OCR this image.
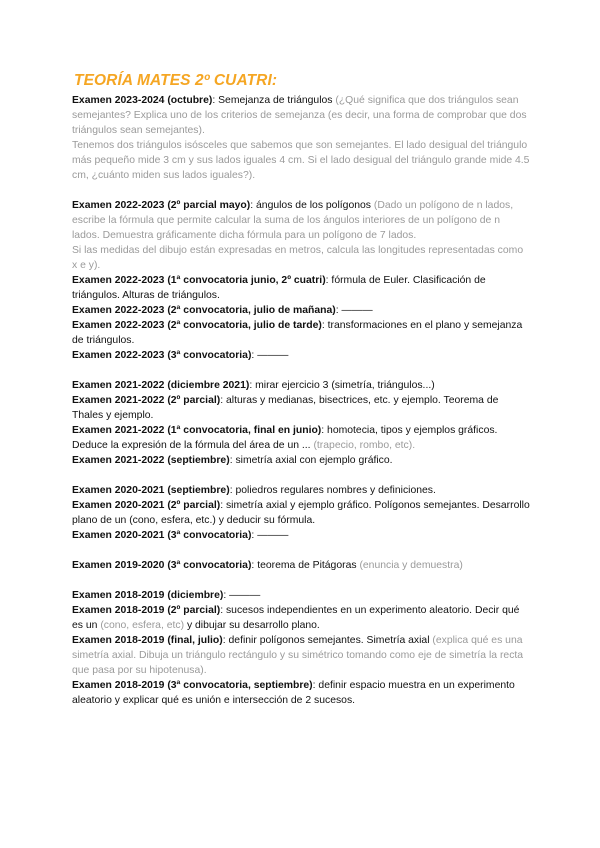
TEORÍA MATES 2º CUATRI:

Examen 2023-2024 (octubre): Semejanza de triángulos (¿Qué significa que dos triángulos sean semejantes? Explica uno de los criterios de semejanza (es decir, una forma de comprobar que dos triángulos sean semejantes).
Tenemos dos triángulos isósceles que sabemos que son semejantes. El lado desigual del triángulo más pequeño mide 3 cm y sus lados iguales 4 cm. Si el lado desigual del triángulo grande mide 4.5 cm, ¿cuánto miden sus lados iguales?).

Examen 2022-2023 (2º parcial mayo): ángulos de los polígonos (Dado un polígono de n lados, escribe la fórmula que permite calcular la suma de los ángulos interiores de un polígono de n lados. Demuestra gráficamente dicha fórmula para un polígono de 7 lados.
Si las medidas del dibujo están expresadas en metros, calcula las longitudes representadas como x e y).

Examen 2022-2023 (1ª convocatoria junio, 2º cuatri): fórmula de Euler. Clasificación de triángulos. Alturas de triángulos.

Examen 2022-2023 (2ª convocatoria, julio de mañana): ———

Examen 2022-2023 (2ª convocatoria, julio de tarde): transformaciones en el plano y semejanza de triángulos.

Examen 2022-2023 (3ª convocatoria): ———

Examen 2021-2022 (diciembre 2021): mirar ejercicio 3 (simetría, triángulos...)

Examen 2021-2022 (2º parcial): alturas y medianas, bisectrices, etc. y ejemplo. Teorema de Thales y ejemplo.

Examen 2021-2022 (1ª convocatoria, final en junio): homotecia, tipos y ejemplos gráficos. Deduce la expresión de la fórmula del área de un ... (trapecio, rombo, etc).

Examen 2021-2022 (septiembre): simetría axial con ejemplo gráfico.

Examen 2020-2021 (septiembre): poliedros regulares nombres y definiciones.

Examen 2020-2021 (2º parcial): simetría axial y ejemplo gráfico. Polígonos semejantes. Desarrollo plano de un (cono, esfera, etc.) y deducir su fórmula.

Examen 2020-2021 (3ª convocatoria): ———

Examen 2019-2020 (3ª convocatoria): teorema de Pitágoras (enuncia y demuestra)

Examen 2018-2019 (diciembre): ———

Examen 2018-2019 (2º parcial): sucesos independientes en un experimento aleatorio. Decir qué es un (cono, esfera, etc) y dibujar su desarrollo plano.

Examen 2018-2019 (final, julio): definir polígonos semejantes. Simetría axial (explica qué es una simetría axial. Dibuja un triángulo rectángulo y su simétrico tomando como eje de simetría la recta que pasa por su hipotenusa).

Examen 2018-2019 (3ª convocatoria, septiembre): definir espacio muestra en un experimento aleatorio y explicar qué es unión e intersección de 2 sucesos.
